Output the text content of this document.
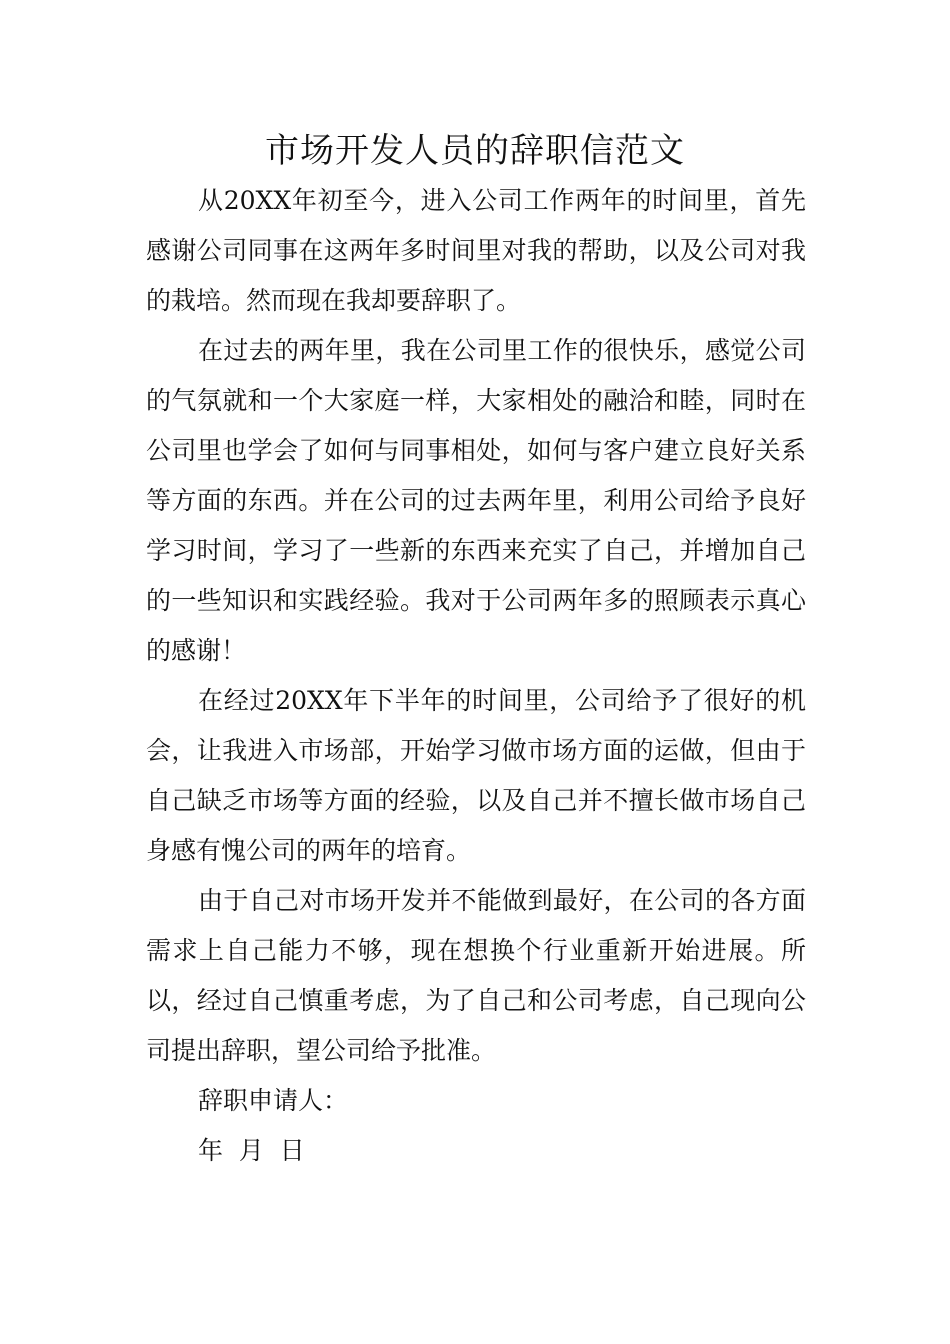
市场开发人员的辞职信范文

从20XX年初至今，进入公司工作两年的时间里，首先感谢公司同事在这两年多时间里对我的帮助，以及公司对我的栽培。然而现在我却要辞职了。

在过去的两年里，我在公司里工作的很快乐，感觉公司的气氛就和一个大家庭一样，大家相处的融洽和睦，同时在公司里也学会了如何与同事相处，如何与客户建立良好关系等方面的东西。并在公司的过去两年里，利用公司给予良好学习时间，学习了一些新的东西来充实了自己，并增加自己的一些知识和实践经验。我对于公司两年多的照顾表示真心的感谢！

在经过20XX年下半年的时间里，公司给予了很好的机会，让我进入市场部，开始学习做市场方面的运做，但由于自己缺乏市场等方面的经验，以及自己并不擅长做市场自己身感有愧公司的两年的培育。

由于自己对市场开发并不能做到最好，在公司的各方面需求上自己能力不够，现在想换个行业重新开始进展。所以，经过自己慎重考虑，为了自己和公司考虑，自己现向公司提出辞职，望公司给予批准。

辞职申请人：

年  月  日
